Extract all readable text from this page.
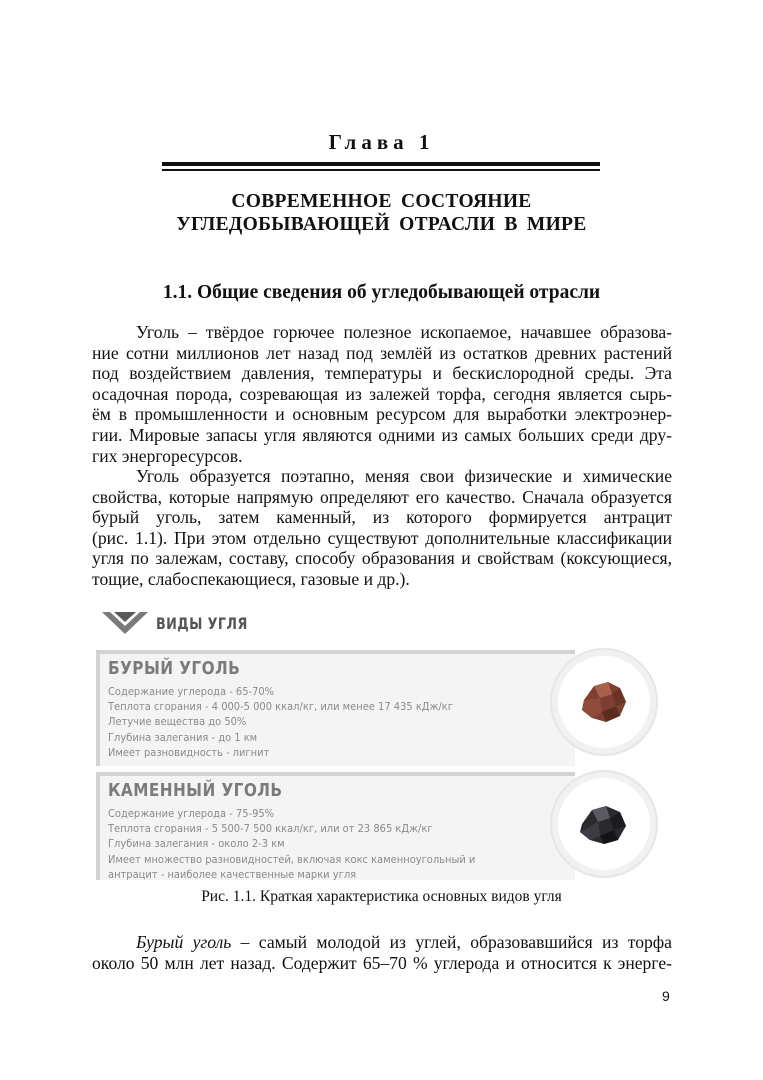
Глава 1
СОВРЕМЕННОЕ СОСТОЯНИЕ
УГЛЕДОБЫВАЮЩЕЙ ОТРАСЛИ В МИРЕ
1.1. Общие сведения об угледобывающей отрасли
Уголь – твёрдое горючее полезное ископаемое, начавшее образова-
ние сотни миллионов лет назад под землёй из остатков древних растений
под воздействием давления, температуры и бескислородной среды. Эта
осадочная порода, созревающая из залежей торфа, сегодня является сырь-
ём в промышленности и основным ресурсом для выработки электроэнер-
гии. Мировые запасы угля являются одними из самых больших среди дру-
гих энергоресурсов.
Уголь образуется поэтапно, меняя свои физические и химические
свойства, которые напрямую определяют его качество. Сначала образуется
бурый уголь, затем каменный, из которого формируется антрацит
(рис. 1.1). При этом отдельно существуют дополнительные классификации
угля по залежам, составу, способу образования и свойствам (коксующиеся,
тощие, слабоспекающиеся, газовые и др.).
ВИДЫ УГЛЯ
БУРЫЙ УГОЛЬ
Содержание углерода - 65-70%
Теплота сгорания - 4 000-5 000 ккал/кг, или менее 17 435 кДж/кг
Летучие вещества до 50%
Глубина залегания - до 1 км
Имеет разновидность - лигнит
КАМЕННЫЙ УГОЛЬ
Содержание углерода - 75-95%
Теплота сгорания - 5 500-7 500 ккал/кг, или от 23 865 кДж/кг
Глубина залегания - около 2-3 км
Имеет множество разновидностей, включая кокс каменноугольный и
антрацит - наиболее качественные марки угля
Рис. 1.1. Краткая характеристика основных видов угля
Бурый уголь – самый молодой из углей, образовавшийся из торфа
около 50 млн лет назад. Содержит 65–70 % углерода и относится к энерге-
9
